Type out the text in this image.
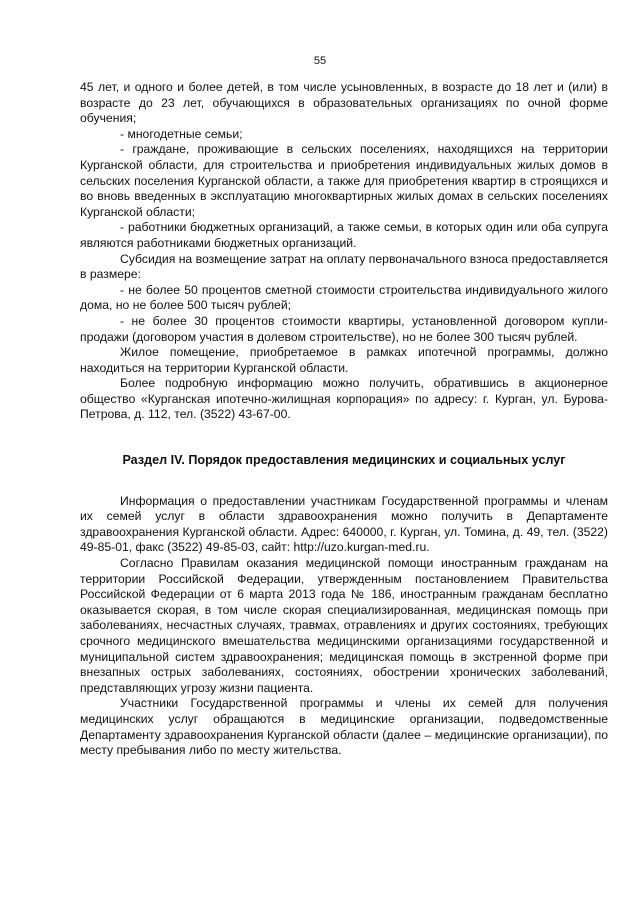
55

45 лет, и одного и более детей, в том числе усыновленных, в возрасте до 18 лет и (или) в возрасте до 23 лет, обучающихся в образовательных организациях по очной форме обучения;

- многодетные семьи;

- граждане, проживающие в сельских поселениях, находящихся на территории Курганской области, для строительства и приобретения индивидуальных жилых домов в сельских поселения Курганской области, а также для приобретения квартир в строящихся и во вновь введенных в эксплуатацию многоквартирных жилых домах в сельских поселениях Курганской области;

- работники бюджетных организаций, а также семьи, в которых один или оба супруга являются работниками бюджетных организаций.

Субсидия на возмещение затрат на оплату первоначального взноса предоставляется в размере:

- не более 50 процентов сметной стоимости строительства индивидуального жилого дома, но не более 500 тысяч рублей;

- не более 30 процентов стоимости квартиры, установленной договором купли-продажи (договором участия в долевом строительстве), но не более 300 тысяч рублей.

Жилое помещение, приобретаемое в рамках ипотечной программы, должно находиться на территории Курганской области.

Более подробную информацию можно получить, обратившись в акционерное общество «Курганская ипотечно-жилищная корпорация» по адресу: г. Курган, ул. Бурова-Петрова, д. 112, тел. (3522) 43-67-00.

Раздел IV. Порядок предоставления медицинских и социальных услуг

Информация о предоставлении участникам Государственной программы и членам их семей услуг в области здравоохранения можно получить в Департаменте здравоохранения Курганской области. Адрес: 640000, г. Курган, ул. Томина, д. 49, тел. (3522) 49-85-01, факс (3522) 49-85-03, сайт: http://uzo.kurgan-med.ru.

Согласно Правилам оказания медицинской помощи иностранным гражданам на территории Российской Федерации, утвержденным постановлением Правительства Российской Федерации от 6 марта 2013 года № 186, иностранным гражданам бесплатно оказывается скорая, в том числе скорая специализированная, медицинская помощь при заболеваниях, несчастных случаях, травмах, отравлениях и других состояниях, требующих срочного медицинского вмешательства медицинскими организациями государственной и муниципальной систем здравоохранения; медицинская помощь в экстренной форме при внезапных острых заболеваниях, состояниях, обострении хронических заболеваний, представляющих угрозу жизни пациента.

Участники Государственной программы и члены их семей для получения медицинских услуг обращаются в медицинские организации, подведомственные Департаменту здравоохранения Курганской области (далее – медицинские организации), по месту пребывания либо по месту жительства.
